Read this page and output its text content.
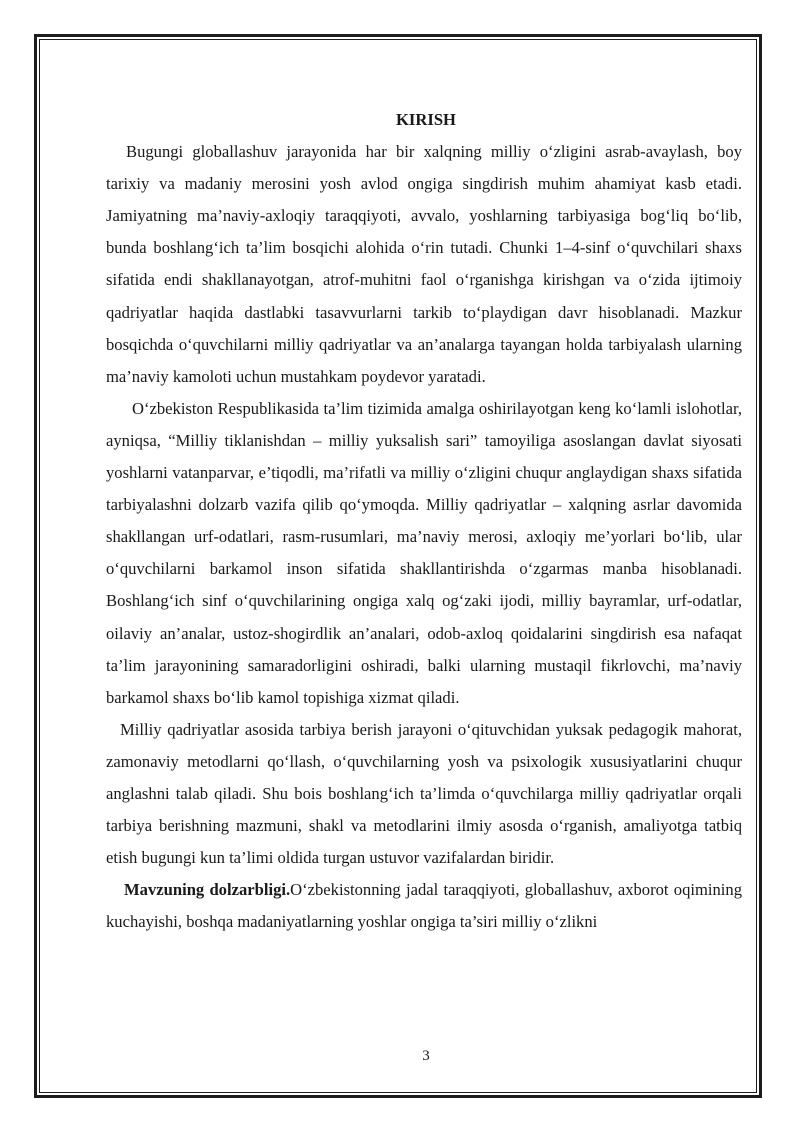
KIRISH

Bugungi globallashuv jarayonida har bir xalqning milliy o‘zligini asrab-avaylash, boy tarixiy va madaniy merosini yosh avlod ongiga singdirish muhim ahamiyat kasb etadi. Jamiyatning ma’naviy-axloqiy taraqqiyoti, avvalo, yoshlarning tarbiyasiga bog‘liq bo‘lib, bunda boshlang‘ich ta’lim bosqichi alohida o‘rin tutadi. Chunki 1–4-sinf o‘quvchilari shaxs sifatida endi shakllanayotgan, atrof-muhitni faol o‘rganishga kirishgan va o‘zida ijtimoiy qadriyatlar haqida dastlabki tasavvurlarni tarkib to‘playdigan davr hisoblanadi. Mazkur bosqichda o‘quvchilarni milliy qadriyatlar va an’analarga tayangan holda tarbiyalash ularning ma’naviy kamoloti uchun mustahkam poydevor yaratadi.

O‘zbekiston Respublikasida ta’lim tizimida amalga oshirilayotgan keng ko‘lamli islohotlar, ayniqsa, “Milliy tiklanishdan – milliy yuksalish sari” tamoyiliga asoslangan davlat siyosati yoshlarni vatanparvar, e’tiqodli, ma’rifatli va milliy o‘zligini chuqur anglaydigan shaxs sifatida tarbiyalashni dolzarb vazifa qilib qo‘ymoqda. Milliy qadriyatlar – xalqning asrlar davomida shakllangan urf-odatlari, rasm-rusumlari, ma’naviy merosi, axloqiy me’yorlari bo‘lib, ular o‘quvchilarni barkamol inson sifatida shakllantirishda o‘zgarmas manba hisoblanadi. Boshlang‘ich sinf o‘quvchilarining ongiga xalq og‘zaki ijodi, milliy bayramlar, urf-odatlar, oilaviy an’analar, ustoz-shogirdlik an’analari, odob-axloq qoidalarini singdirish esa nafaqat ta’lim jarayonining samaradorligini oshiradi, balki ularning mustaqil fikrlovchi, ma’naviy barkamol shaxs bo‘lib kamol topishiga xizmat qiladi.

Milliy qadriyatlar asosida tarbiya berish jarayoni o‘qituvchidan yuksak pedagogik mahorat, zamonaviy metodlarni qo‘llash, o‘quvchilarning yosh va psixologik xususiyatlarini chuqur anglashni talab qiladi. Shu bois boshlang‘ich ta’limda o‘quvchilarga milliy qadriyatlar orqali tarbiya berishning mazmuni, shakl va metodlarini ilmiy asosda o‘rganish, amaliyotga tatbiq etish bugungi kun ta’limi oldida turgan ustuvor vazifalardan biridir.

Mavzuning dolzarbligi.O‘zbekistonning jadal taraqqiyoti, globallashuv, axborot oqimining kuchayishi, boshqa madaniyatlarning yoshlar ongiga ta’siri milliy o‘zlikni

3
